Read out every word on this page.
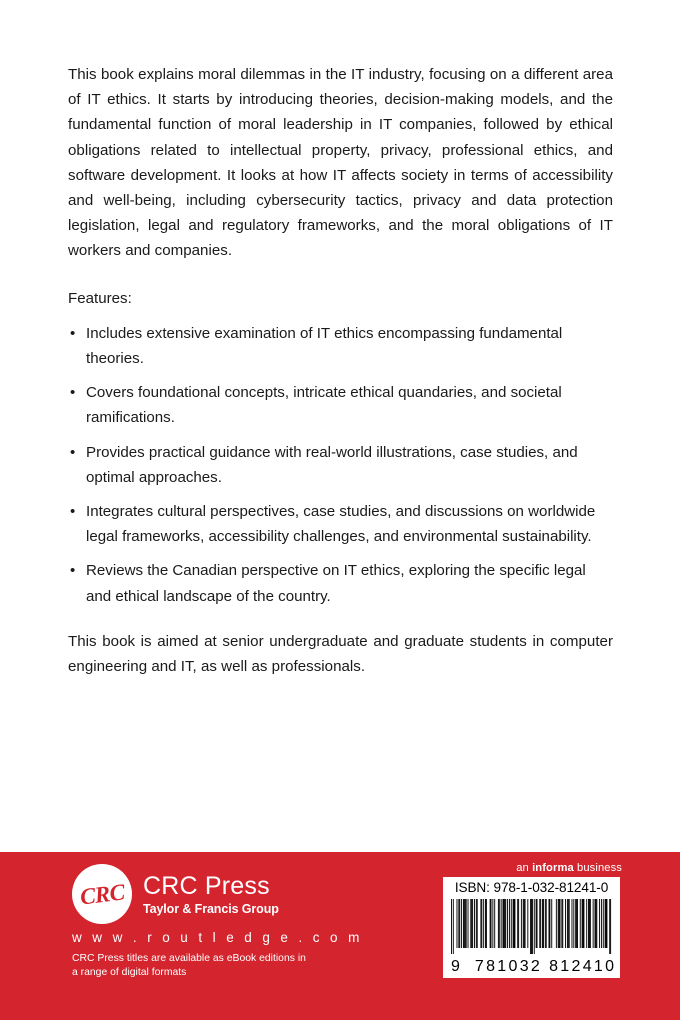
This book explains moral dilemmas in the IT industry, focusing on a different area of IT ethics. It starts by introducing theories, decision-making models, and the fundamental function of moral leadership in IT companies, followed by ethical obligations related to intellectual property, privacy, professional ethics, and software development. It looks at how IT affects society in terms of accessibility and well-being, including cybersecurity tactics, privacy and data protection legislation, legal and regulatory frameworks, and the moral obligations of IT workers and companies.

Features:

• Includes extensive examination of IT ethics encompassing fundamental theories.
• Covers foundational concepts, intricate ethical quandaries, and societal ramifications.
• Provides practical guidance with real-world illustrations, case studies, and optimal approaches.
• Integrates cultural perspectives, case studies, and discussions on worldwide legal frameworks, accessibility challenges, and environmental sustainability.
• Reviews the Canadian perspective on IT ethics, exploring the specific legal and ethical landscape of the country.

This book is aimed at senior undergraduate and graduate students in computer engineering and IT, as well as professionals.

CRC CRC Press
Taylor & Francis Group
w w w . r o u t l e d g e . c o m
CRC Press titles are available as eBook editions in a range of digital formats
an informa business
ISBN: 978-1-032-81241-0
9 781032 812410
